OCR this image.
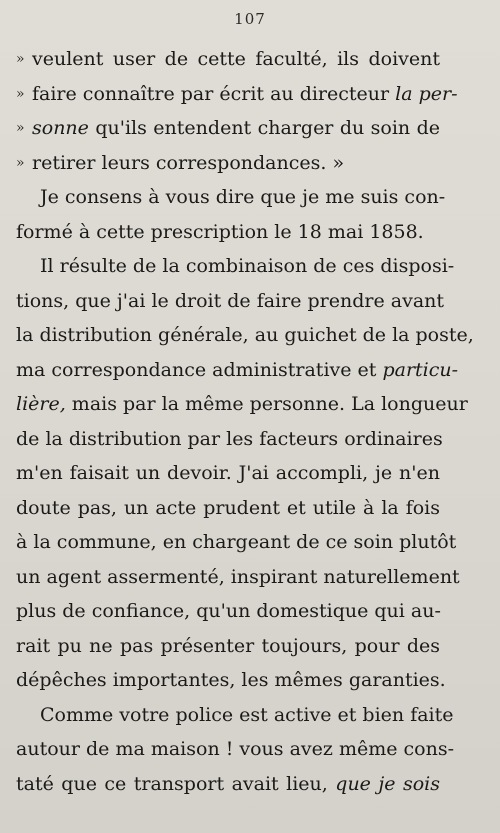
107
» veulent user de cette faculté, ils doivent
» faire connaître par écrit au directeur la per-
» sonne qu'ils entendent charger du soin de
» retirer leurs correspondances. »
Je consens à vous dire que je me suis con-
formé à cette prescription le 18 mai 1858.
Il résulte de la combinaison de ces disposi-
tions, que j'ai le droit de faire prendre avant
la distribution générale, au guichet de la poste,
ma correspondance administrative et particu-
lière, mais par la même personne. La longueur
de la distribution par les facteurs ordinaires
m'en faisait un devoir. J'ai accompli, je n'en
doute pas, un acte prudent et utile à la fois
à la commune, en chargeant de ce soin plutôt
un agent assermenté, inspirant naturellement
plus de confiance, qu'un domestique qui au-
rait pu ne pas présenter toujours, pour des
dépêches importantes, les mêmes garanties.
Comme votre police est active et bien faite
autour de ma maison ! vous avez même cons-
taté que ce transport avait lieu, que je sois
